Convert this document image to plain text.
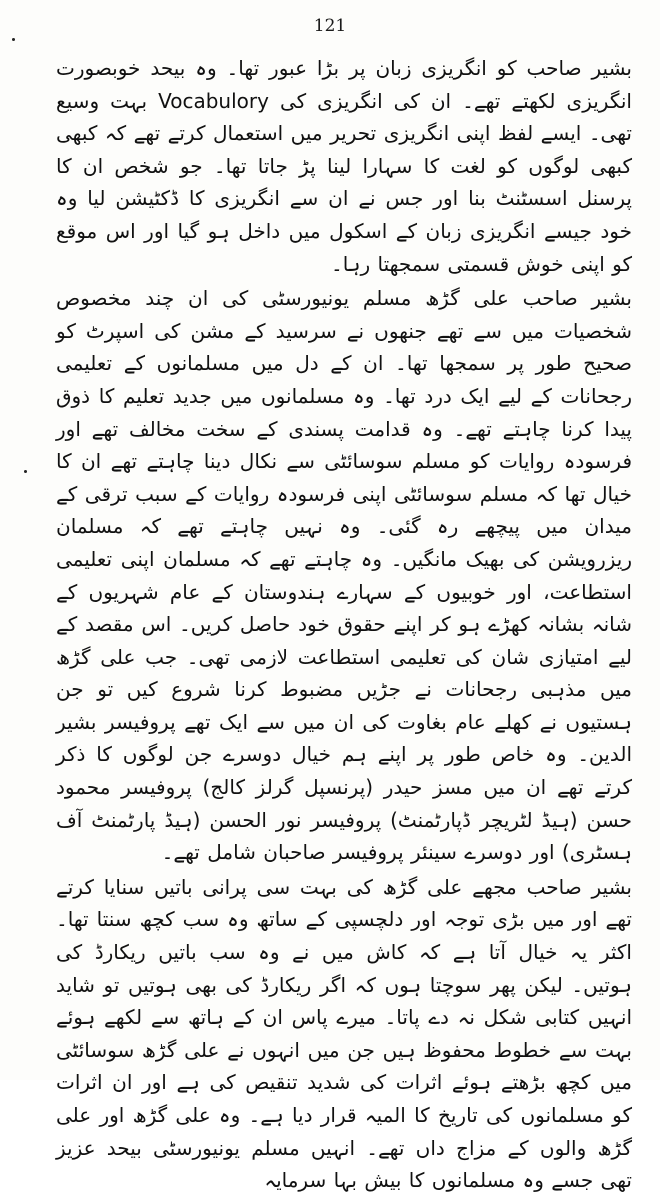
121

بشیر صاحب کو انگریزی زبان پر بڑا عبور تھا۔ وہ بیحد خوبصورت انگریزی لکھتے تھے۔ ان کی انگریزی کی Vocabulory بہت وسیع تھی۔ ایسے لفظ اپنی انگریزی تحریر میں استعمال کرتے تھے کہ کبھی کبھی لوگوں کو لغت کا سہارا لینا پڑ جاتا تھا۔ جو شخص ان کا پرسنل اسسٹنٹ بنا اور جس نے ان سے انگریزی کا ڈکٹیشن لیا وہ خود جیسے انگریزی زبان کے اسکول میں داخل ہو گیا اور اس موقع کو اپنی خوش قسمتی سمجھتا رہا۔

بشیر صاحب علی گڑھ مسلم یونیورسٹی کی ان چند مخصوص شخصیات میں سے تھے جنھوں نے سرسید کے مشن کی اسپرٹ کو صحیح طور پر سمجھا تھا۔ ان کے دل میں مسلمانوں کے تعلیمی رجحانات کے لیے ایک درد تھا۔ وہ مسلمانوں میں جدید تعلیم کا ذوق پیدا کرنا چاہتے تھے۔ وہ قدامت پسندی کے سخت مخالف تھے اور فرسودہ روایات کو مسلم سوسائٹی سے نکال دینا چاہتے تھے ان کا خیال تھا کہ مسلم سوسائٹی اپنی فرسودہ روایات کے سبب ترقی کے میدان میں پیچھے رہ گئی۔ وہ نہیں چاہتے تھے کہ مسلمان ریزرویشن کی بھیک مانگیں۔ وہ چاہتے تھے کہ مسلمان اپنی تعلیمی استطاعت، اور خوبیوں کے سہارے ہندوستان کے عام شہریوں کے شانہ بشانہ کھڑے ہو کر اپنے حقوق خود حاصل کریں۔ اس مقصد کے لیے امتیازی شان کی تعلیمی استطاعت لازمی تھی۔ جب علی گڑھ میں مذہبی رجحانات نے جڑیں مضبوط کرنا شروع کیں تو جن ہستیوں نے کھلے عام بغاوت کی ان میں سے ایک تھے پروفیسر بشیر الدین۔ وہ خاص طور پر اپنے ہم خیال دوسرے جن لوگوں کا ذکر کرتے تھے ان میں مسز حیدر (پرنسپل گرلز کالج) پروفیسر محمود حسن (ہیڈ لٹریچر ڈپارٹمنٹ) پروفیسر نور الحسن (ہیڈ پارٹمنٹ آف ہسٹری) اور دوسرے سینئر پروفیسر صاحبان شامل تھے۔

بشیر صاحب مجھے علی گڑھ کی بہت سی پرانی باتیں سنایا کرتے تھے اور میں بڑی توجہ اور دلچسپی کے ساتھ وہ سب کچھ سنتا تھا۔ اکثر یہ خیال آتا ہے کہ کاش میں نے وہ سب باتیں ریکارڈ کی ہوتیں۔ لیکن پھر سوچتا ہوں کہ اگر ریکارڈ کی بھی ہوتیں تو شاید انہیں کتابی شکل نہ دے پاتا۔ میرے پاس ان کے ہاتھ سے لکھے ہوئے بہت سے خطوط محفوظ ہیں جن میں انہوں نے علی گڑھ سوسائٹی میں کچھ بڑھتے ہوئے اثرات کی شدید تنقیص کی ہے اور ان اثرات کو مسلمانوں کی تاریخ کا المیہ قرار دیا ہے۔ وہ علی گڑھ اور علی گڑھ والوں کے مزاج داں تھے۔ انہیں مسلم یونیورسٹی بیحد عزیز تھی جسے وہ مسلمانوں کا بیش بہا سرمایہ
